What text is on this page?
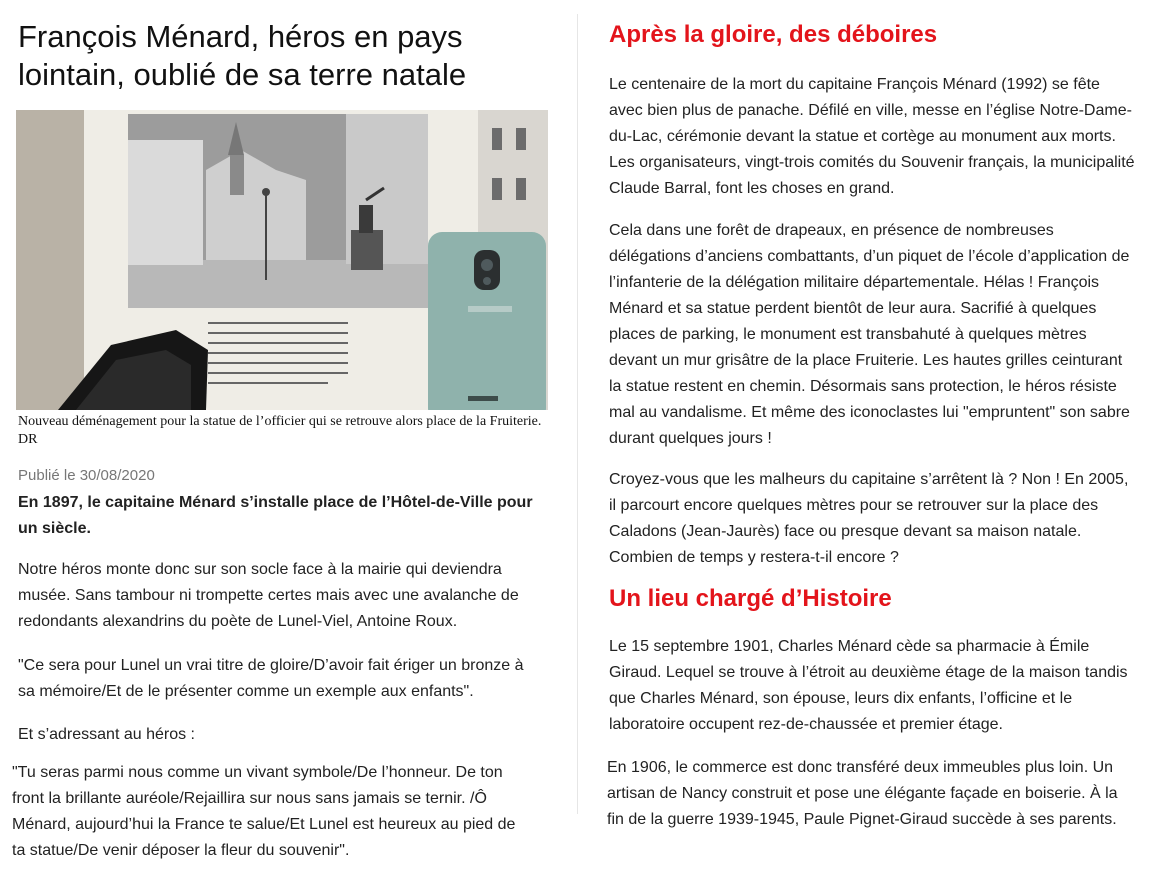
François Ménard, héros en pays lointain, oublié de sa terre natale

Nouveau déménagement pour la statue de l’officier qui se retrouve alors place de la Fruiterie. DR

Publié le 30/08/2020

En 1897, le capitaine Ménard s’installe place de l’Hôtel-de-Ville pour un siècle.

Notre héros monte donc sur son socle face à la mairie qui deviendra musée. Sans tambour ni trompette certes mais avec une avalanche de redondants alexandrins du poète de Lunel-Viel, Antoine Roux.

"Ce sera pour Lunel un vrai titre de gloire/D’avoir fait ériger un bronze à sa mémoire/Et de le présenter comme un exemple aux enfants".

Et s’adressant au héros :

"Tu seras parmi nous comme un vivant symbole/De l’honneur. De ton front la brillante auréole/Rejaillira sur nous sans jamais se ternir. /Ô Ménard, aujourd’hui la France te salue/Et Lunel est heureux au pied de ta statue/De venir déposer la fleur du souvenir".

Après la gloire, des déboires

Le centenaire de la mort du capitaine François Ménard (1992) se fête avec bien plus de panache. Défilé en ville, messe en l’église Notre-Dame-du-Lac, cérémonie devant la statue et cortège au monument aux morts. Les organisateurs, vingt-trois comités du Souvenir français, la municipalité Claude Barral, font les choses en grand.

Cela dans une forêt de drapeaux, en présence de nombreuses délégations d’anciens combattants, d’un piquet de l’école d’application de l’infanterie de la délégation militaire départementale. Hélas ! François Ménard et sa statue perdent bientôt de leur aura. Sacrifié à quelques places de parking, le monument est transbahuté à quelques mètres devant un mur grisâtre de la place Fruiterie. Les hautes grilles ceinturant la statue restent en chemin. Désormais sans protection, le héros résiste mal au vandalisme. Et même des iconoclastes lui "empruntent" son sabre durant quelques jours !

Croyez-vous que les malheurs du capitaine s’arrêtent là ? Non ! En 2005, il parcourt encore quelques mètres pour se retrouver sur la place des Caladons (Jean-Jaurès) face ou presque devant sa maison natale. Combien de temps y restera-t-il encore ?

Un lieu chargé d’Histoire

Le 15 septembre 1901, Charles Ménard cède sa pharmacie à Émile Giraud. Lequel se trouve à l’étroit au deuxième étage de la maison tandis que Charles Ménard, son épouse, leurs dix enfants, l’officine et le laboratoire occupent rez-de-chaussée et premier étage.

En 1906, le commerce est donc transféré deux immeubles plus loin. Un artisan de Nancy construit et pose une élégante façade en boiserie. À la fin de la guerre 1939-1945, Paule Pignet-Giraud succède à ses parents.
